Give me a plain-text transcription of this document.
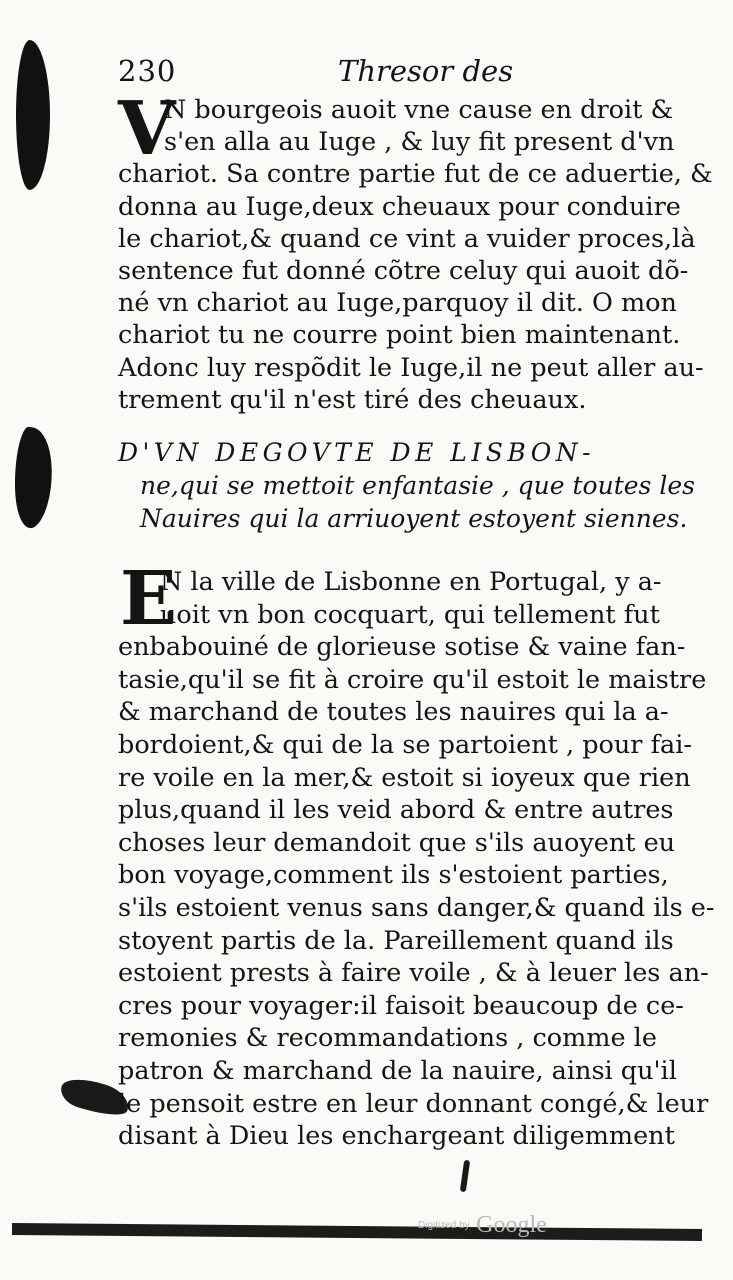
230	Thresor des
V
N bourgeois auoit vne cause en droit &
s'en alla au Iuge , & luy fit present d'vn
chariot. Sa contre partie fut de ce aduertie, &
donna au Iuge,deux cheuaux pour conduire
le chariot,& quand ce vint a vuider proces,là
sentence fut donné cõtre celuy qui auoit dõ-
né vn chariot au Iuge,parquoy il dit. O mon
chariot tu ne courre point bien maintenant.
Adonc luy respõdit le Iuge,il ne peut aller au-
trement qu'il n'est tiré des cheuaux.
D'VN DEGOVTE DE LISBON-
ne,qui se mettoit enfantasie , que toutes les
Nauires qui la arriuoyent estoyent siennes.
E
N la ville de Lisbonne en Portugal, y a-
uoit vn bon cocquart, qui tellement fut
enbabouiné de glorieuse sotise & vaine fan-
tasie,qu'il se fit à croire qu'il estoit le maistre
& marchand de toutes les nauires qui la a-
bordoient,& qui de la se partoient , pour fai-
re voile en la mer,& estoit si ioyeux que rien
plus,quand il les veid abord & entre autres
choses leur demandoit que s'ils auoyent eu
bon voyage,comment ils s'estoient parties,
s'ils estoient venus sans danger,& quand ils e-
stoyent partis de la. Pareillement quand ils
estoient prests à faire voile , & à leuer les an-
cres pour voyager:il faisoit beaucoup de ce-
remonies & recommandations , comme le
patron & marchand de la nauire, ainsi qu'il
le pensoit estre en leur donnant congé,& leur
disant à Dieu les enchargeant diligemment
Digitized by Google
